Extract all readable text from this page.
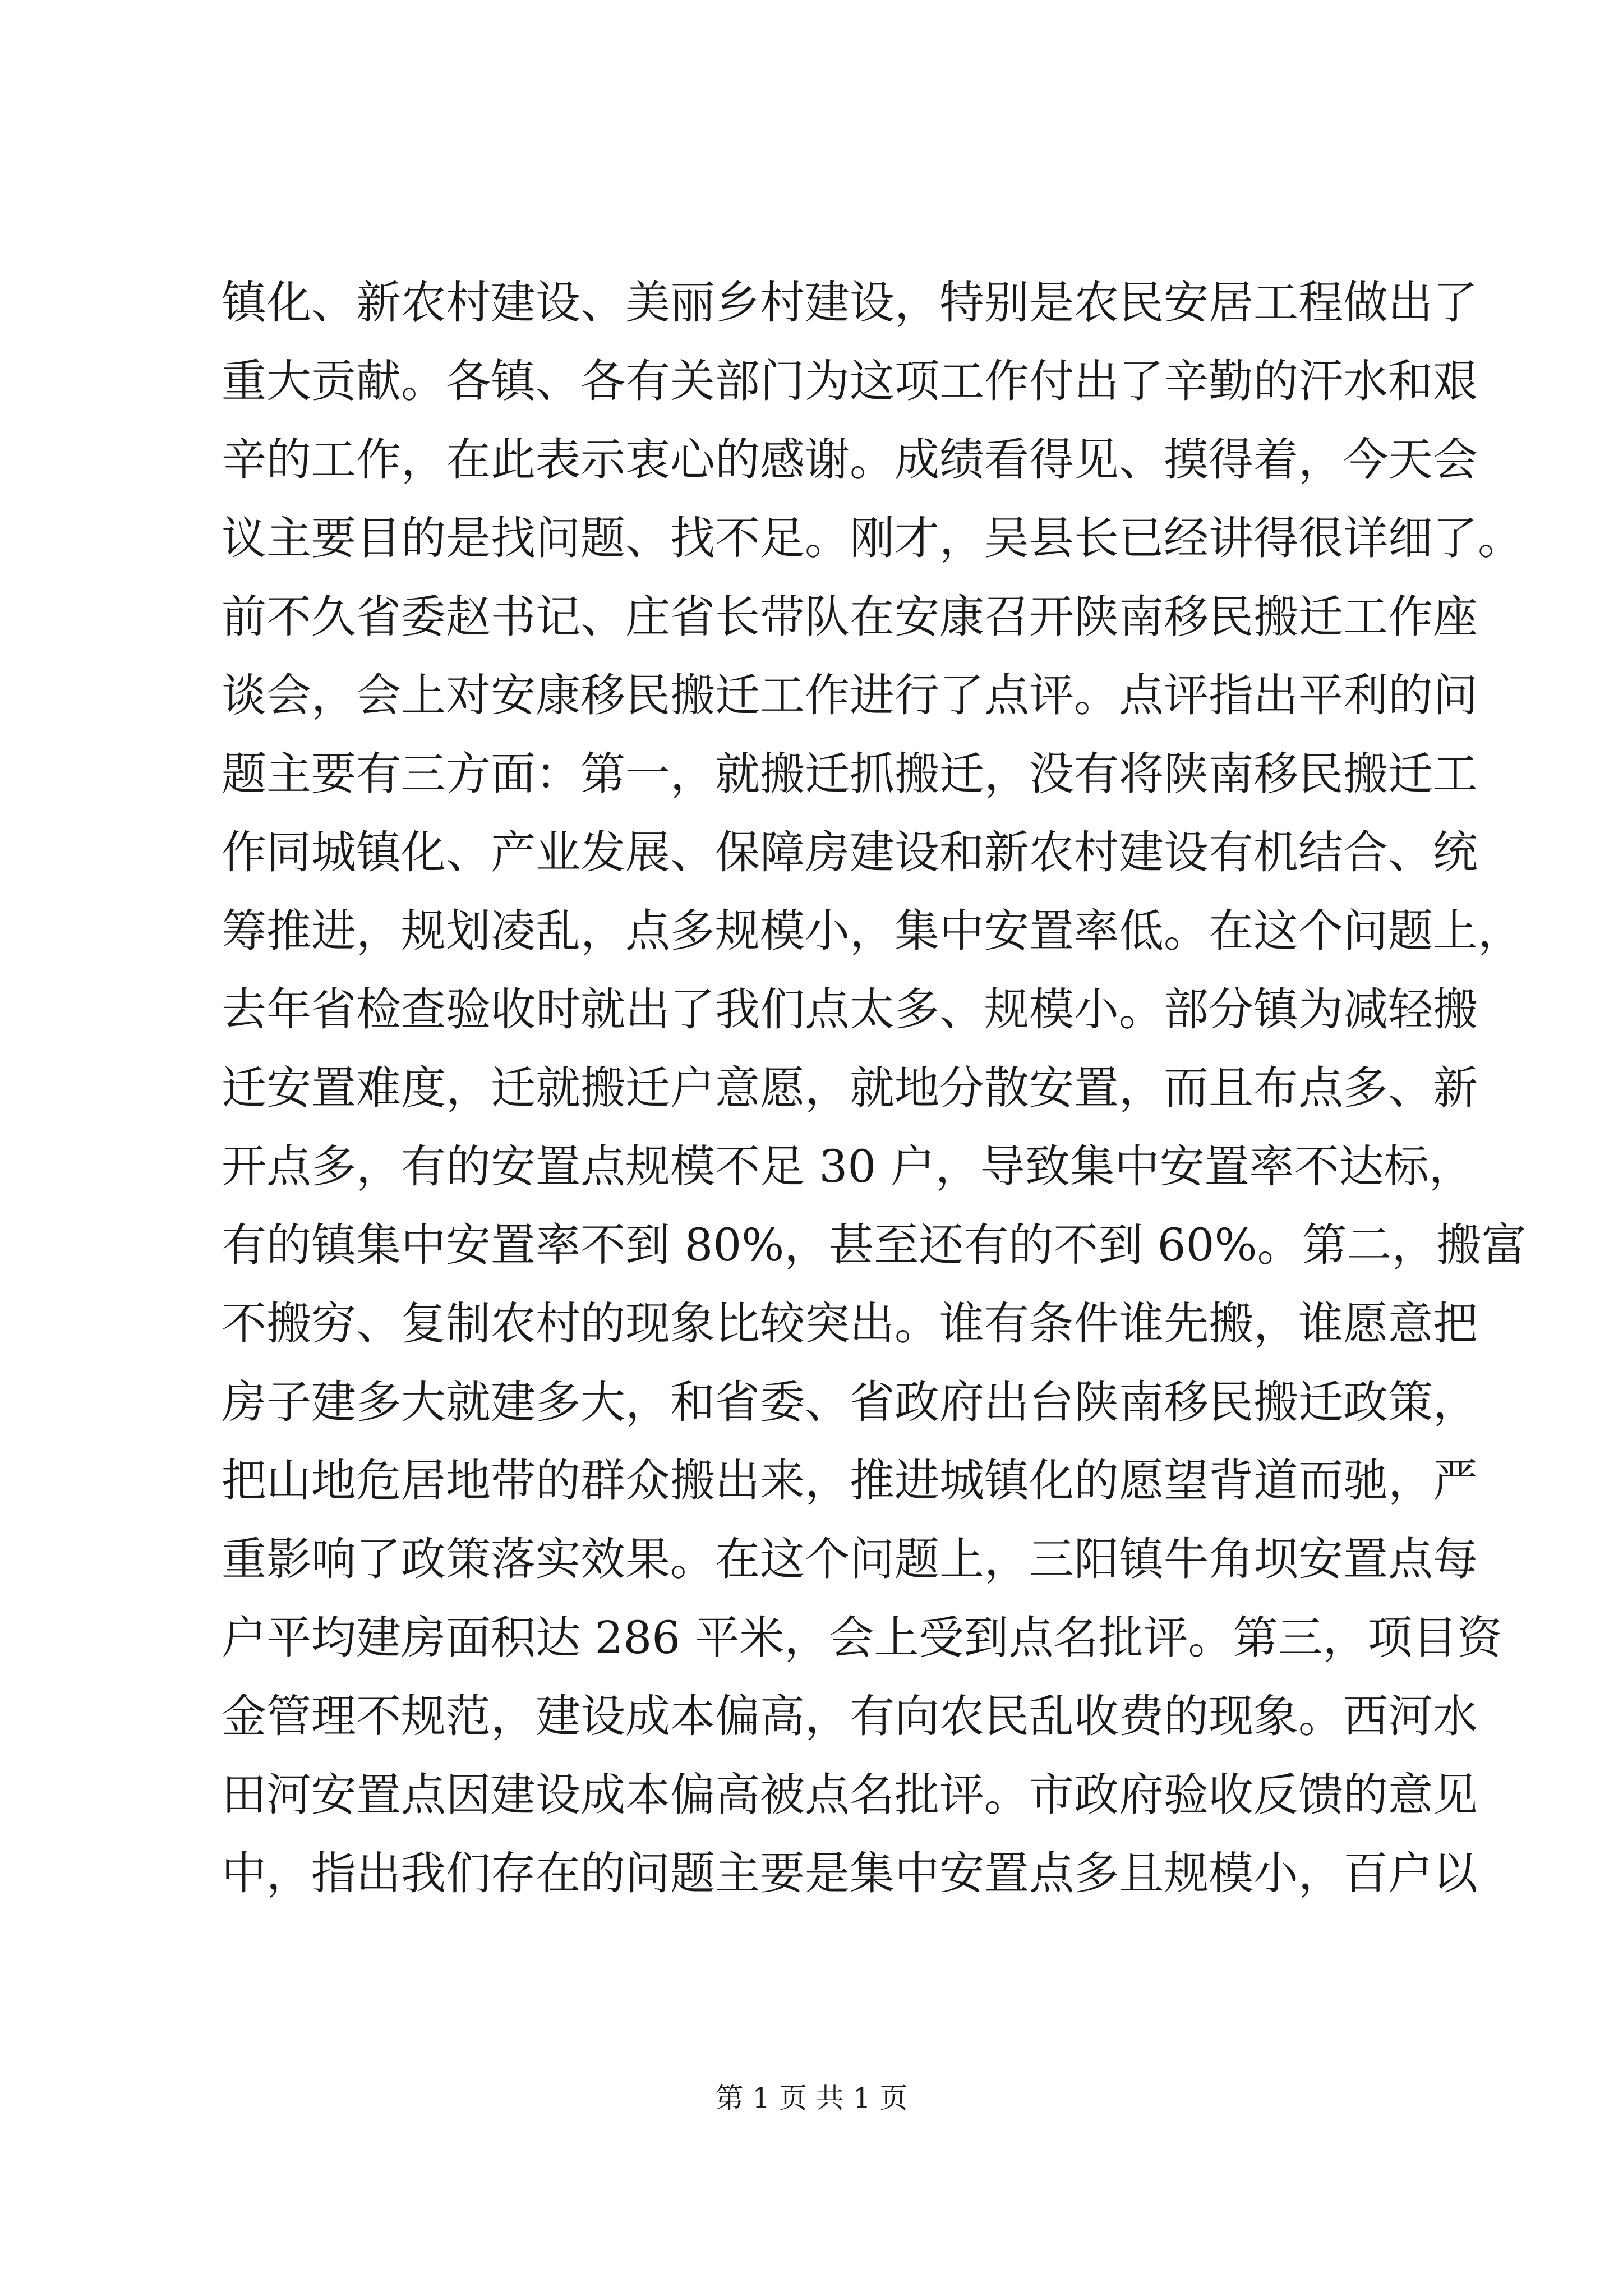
镇化、新农村建设、美丽乡村建设，特别是农民安居工程做出了
重大贡献。各镇、各有关部门为这项工作付出了辛勤的汗水和艰
辛的工作，在此表示衷心的感谢。成绩看得见、摸得着，今天会
议主要目的是找问题、找不足。刚才，吴县长已经讲得很详细了。
前不久省委赵书记、庄省长带队在安康召开陕南移民搬迁工作座
谈会，会上对安康移民搬迁工作进行了点评。点评指出平利的问
题主要有三方面：第一，就搬迁抓搬迁，没有将陕南移民搬迁工
作同城镇化、产业发展、保障房建设和新农村建设有机结合、统
筹推进，规划凌乱，点多规模小，集中安置率低。在这个问题上，
去年省检查验收时就出了我们点太多、规模小。部分镇为减轻搬
迁安置难度，迁就搬迁户意愿，就地分散安置，而且布点多、新
开点多，有的安置点规模不足 30 户，导致集中安置率不达标，
有的镇集中安置率不到 80%，甚至还有的不到 60%。第二，搬富
不搬穷、复制农村的现象比较突出。谁有条件谁先搬，谁愿意把
房子建多大就建多大，和省委、省政府出台陕南移民搬迁政策，
把山地危居地带的群众搬出来，推进城镇化的愿望背道而驰，严
重影响了政策落实效果。在这个问题上，三阳镇牛角坝安置点每
户平均建房面积达 286 平米，会上受到点名批评。第三，项目资
金管理不规范，建设成本偏高，有向农民乱收费的现象。西河水
田河安置点因建设成本偏高被点名批评。市政府验收反馈的意见
中，指出我们存在的问题主要是集中安置点多且规模小，百户以
第 1 页 共 1 页
